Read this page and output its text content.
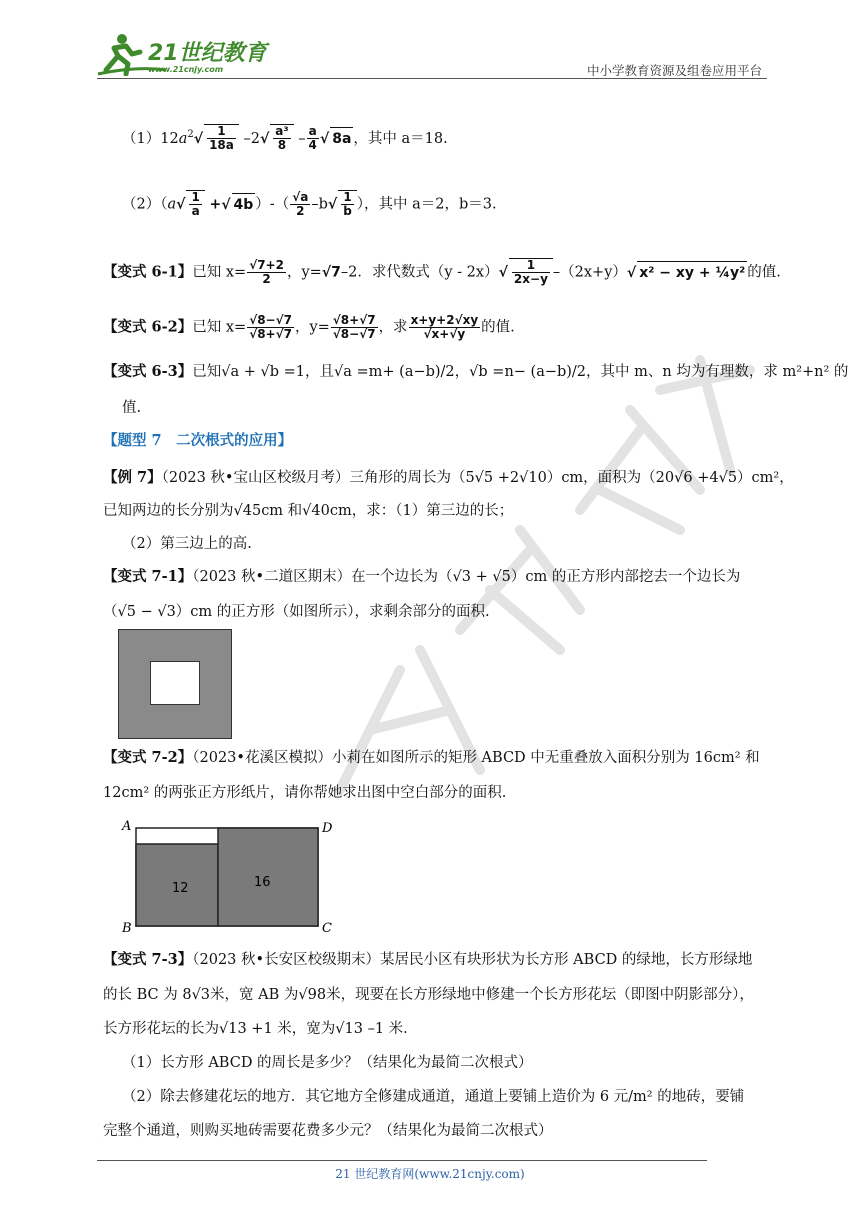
21世纪教育
www.21cnjy.com	中小学教育资源及组卷应用平台
$(1)12a^2√ \frac{1}{18a} -2√ \frac{\text{a³}}{8} - \frac{a}{4}$ √ 8a ，其中 a＝18.
$(2)(a√ \frac{1}{a}$ +√ 4b ）-（ $\frac{√a}{2} -b√ \frac{1}{b}$ ），其中 a＝2，b＝3.
【变式 6-1】已知 $x= \frac{√7+2}{2}$ ，y=√7–2．求代数式$(y - 2x)√ \frac{1}{2x-y} -(2x+y)√$ x² − xy + ¼y² 的值.
【变式 6-2】已知 $x= \frac{√8-√7}{√8+√7}$ ，$y= \frac{√8+√7}{√8-√7}$ ，求 $\frac{x+y+2√xy}{√x+√y}$ 的值.
【变式 6-3】已知√a + √b =1，且√a =m+ (a−b)/2，√b =n− (a−b)/2，其中 m、n 均为有理数，求 m²+n² 的
值.
【题型 7　二次根式的应用】
【例 7】（2023 秋•宝山区校级月考）三角形的周长为（5√5 +2√10）cm，面积为（20√6 +4√5）cm²，
已知两边的长分别为√45cm 和√40cm，求：（1）第三边的长；
（2）第三边上的高.
【变式 7-1】（2023 秋•二道区期末）在一个边长为（√3 + √5）cm 的正方形内部挖去一个边长为
（√5 − √3）cm 的正方形（如图所示），求剩余部分的面积.
【变式 7-2】（2023•花溪区模拟）小莉在如图所示的矩形 ABCD 中无重叠放入面积分别为 16cm² 和
12cm² 的两张正方形纸片，请你帮她求出图中空白部分的面积.
A
B	C
D
12	16
【变式 7-3】（2023 秋•长安区校级期末）某居民小区有块形状为长方形 ABCD 的绿地，长方形绿地
的长 BC 为 8√3米，宽 AB 为√98米，现要在长方形绿地中修建一个长方形花坛（即图中阴影部分），
长方形花坛的长为√13 +1 米，宽为√13 –1 米.
（1）长方形 ABCD 的周长是多少？（结果化为最简二次根式）
（2）除去修建花坛的地方．其它地方全修建成通道，通道上要铺上造价为 6 元/m² 的地砖，要铺
完整个通道，则购买地砖需要花费多少元？（结果化为最简二次根式）
21 世纪教育网(www.21cnjy.com)
